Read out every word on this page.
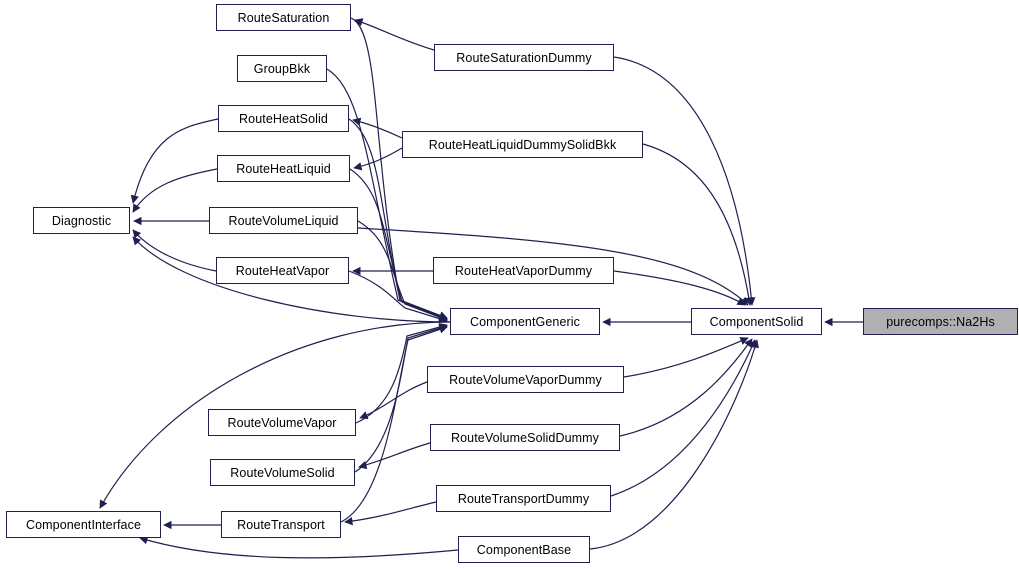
RouteSaturation
RouteSaturationDummy
GroupBkk
RouteHeatSolid
RouteHeatLiquidDummySolidBkk
RouteHeatLiquid
Diagnostic	RouteVolumeLiquid
RouteHeatVapor	RouteHeatVaporDummy
ComponentGeneric	ComponentSolid	purecomps::Na2Hs
RouteVolumeVaporDummy
RouteVolumeVapor
RouteVolumeSolidDummy
RouteVolumeSolid
RouteTransportDummy
ComponentInterface	RouteTransport
ComponentBase
